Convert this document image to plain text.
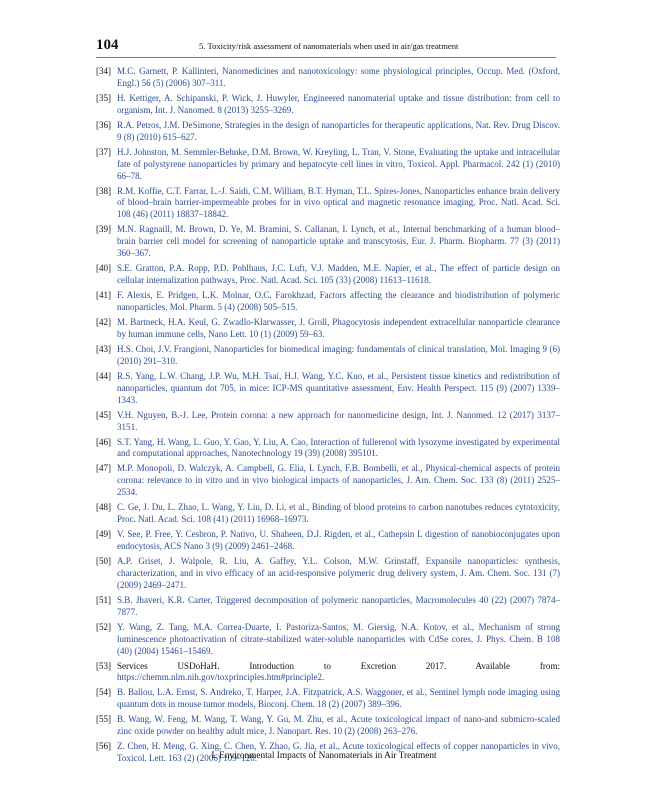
104	5. Toxicity/risk assessment of nanomaterials when used in air/gas treatment
[34] M.C. Garnett, P. Kallinteri, Nanomedicines and nanotoxicology: some physiological principles, Occup. Med. (Oxford, Engl.) 56 (5) (2006) 307–311.
[35] H. Kettiger, A. Schipanski, P. Wick, J. Huwyler, Engineered nanomaterial uptake and tissue distribution: from cell to organism, Int. J. Nanomed. 8 (2013) 3255–3269.
[36] R.A. Petros, J.M. DeSimone, Strategies in the design of nanoparticles for therapeutic applications, Nat. Rev. Drug Discov. 9 (8) (2010) 615–627.
[37] H.J. Johnston, M. Semmler-Behnke, D.M. Brown, W. Kreyling, L. Tran, V. Stone, Evaluating the uptake and intracellular fate of polystyrene nanoparticles by primary and hepatocyte cell lines in vitro, Toxicol. Appl. Pharmacol. 242 (1) (2010) 66–78.
[38] R.M. Koffie, C.T. Farrar, L.-J. Saidi, C.M. William, B.T. Hyman, T.L. Spires-Jones, Nanoparticles enhance brain delivery of blood–brain barrier-impermeable probes for in vivo optical and magnetic resonance imaging, Proc. Natl. Acad. Sci. 108 (46) (2011) 18837–18842.
[39] M.N. Ragnaill, M. Brown, D. Ye, M. Bramini, S. Callanan, I. Lynch, et al., Internal benchmarking of a human blood–brain barrier cell model for screening of nanoparticle uptake and transcytosis, Eur. J. Pharm. Biopharm. 77 (3) (2011) 360–367.
[40] S.E. Gratton, P.A. Ropp, P.D. Pohlhaus, J.C. Luft, V.J. Madden, M.E. Napier, et al., The effect of particle design on cellular internalization pathways, Proc. Natl. Acad. Sci. 105 (33) (2008) 11613–11618.
[41] F. Alexis, E. Pridgen, L.K. Molnar, O.C. Farokhzad, Factors affecting the clearance and biodistribution of polymeric nanoparticles, Mol. Pharm. 5 (4) (2008) 505–515.
[42] M. Bartneck, H.A. Keul, G. Zwadlo-Klarwasser, J. Groll, Phagocytosis independent extracellular nanoparticle clearance by human immune cells, Nano Lett. 10 (1) (2009) 59–63.
[43] H.S. Choi, J.V. Frangioni, Nanoparticles for biomedical imaging: fundamentals of clinical translation, Mol. Imaging 9 (6) (2010) 291–310.
[44] R.S. Yang, L.W. Chang, J.P. Wu, M.H. Tsai, H.J. Wang, Y.C. Kuo, et al., Persistent tissue kinetics and redistribution of nanoparticles, quantum dot 705, in mice: ICP-MS quantitative assessment, Env. Health Perspect. 115 (9) (2007) 1339–1343.
[45] V.H. Nguyen, B.-J. Lee, Protein corona: a new approach for nanomedicine design, Int. J. Nanomed. 12 (2017) 3137–3151.
[46] S.T. Yang, H. Wang, L. Guo, Y. Gao, Y. Liu, A. Cao, Interaction of fullerenol with lysozyme investigated by experimental and computational approaches, Nanotechnology 19 (39) (2008) 395101.
[47] M.P. Monopoli, D. Walczyk, A. Campbell, G. Elia, I. Lynch, F.B. Bombelli, et al., Physical-chemical aspects of protein corona: relevance to in vitro and in vivo biological impacts of nanoparticles, J. Am. Chem. Soc. 133 (8) (2011) 2525–2534.
[48] C. Ge, J. Du, L. Zhao, L. Wang, Y. Liu, D. Li, et al., Binding of blood proteins to carbon nanotubes reduces cytotoxicity, Proc. Natl. Acad. Sci. 108 (41) (2011) 16968–16973.
[49] V. See, P. Free, Y. Cesbron, P. Nativo, U. Shaheen, D.J. Rigden, et al., Cathepsin L digestion of nanobioconjugates upon endocytosis, ACS Nano 3 (9) (2009) 2461–2468.
[50] A.P. Griset, J. Walpole, R. Liu, A. Gaffey, Y.L. Colson, M.W. Grinstaff, Expansile nanoparticles: synthesis, characterization, and in vivo efficacy of an acid-responsive polymeric drug delivery system, J. Am. Chem. Soc. 131 (7) (2009) 2469–2471.
[51] S.B. Jhaveri, K.R. Carter, Triggered decomposition of polymeric nanoparticles, Macromolecules 40 (22) (2007) 7874–7877.
[52] Y. Wang, Z. Tang, M.A. Correa-Duarte, I. Pastoriza-Santos, M. Giersig, N.A. Kotov, et al., Mechanism of strong luminescence photoactivation of citrate-stabilized water-soluble nanoparticles with CdSe cores, J. Phys. Chem. B 108 (40) (2004) 15461–15469.
[53] Services USDoHaH. Introduction to Excretion 2017. Available from: https://chemm.nlm.nih.gov/toxprinciples.htm#principle2.
[54] B. Ballou, L.A. Ernst, S. Andreko, T. Harper, J.A. Fitzpatrick, A.S. Waggoner, et al., Sentinel lymph node imaging using quantum dots in mouse tumor models, Bioconj. Chem. 18 (2) (2007) 389–396.
[55] B. Wang, W. Feng, M. Wang, T. Wang, Y. Gu, M. Zhu, et al., Acute toxicological impact of nano-and submicro-scaled zinc oxide powder on healthy adult mice, J. Nanopart. Res. 10 (2) (2008) 263–276.
[56] Z. Chen, H. Meng, G. Xing, C. Chen, Y. Zhao, G. Jia, et al., Acute toxicological effects of copper nanoparticles in vivo, Toxicol. Lett. 163 (2) (2006) 109–120.
I. Environmental Impacts of Nanomaterials in Air Treatment
